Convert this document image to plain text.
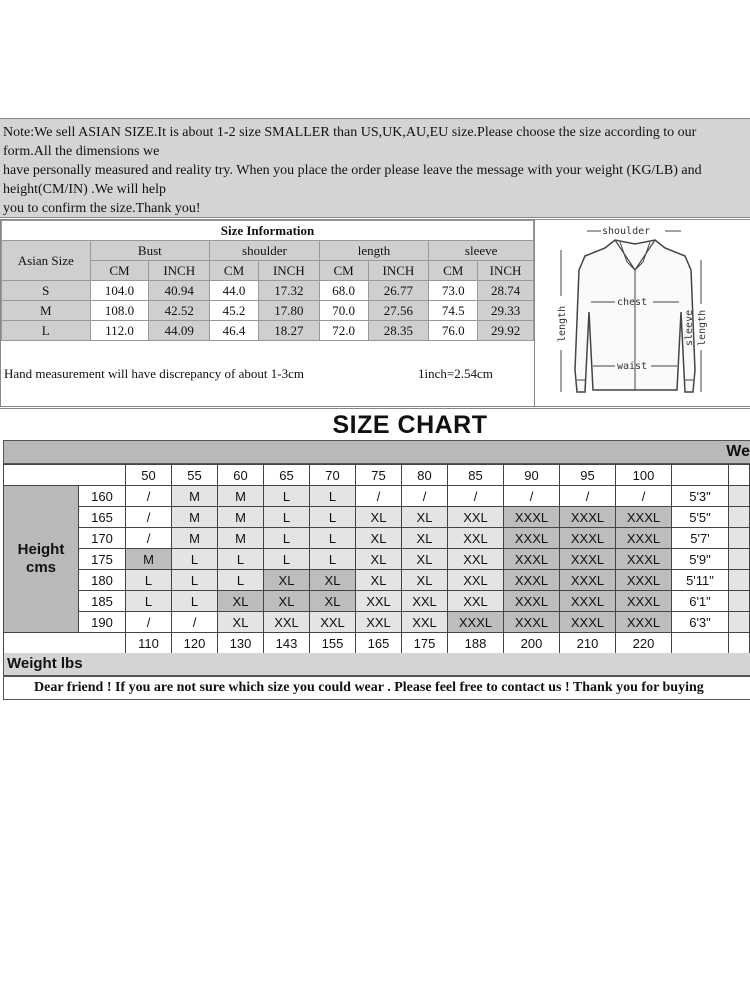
Note:We sell ASIAN SIZE.It is about 1-2 size SMALLER than US,UK,AU,EU size.Please choose the size according to our
form.All the dimensions we
have personally measured and reality try. When you place the order please leave the message with your weight (KG/LB) and
height(CM/IN) .We will help
you to confirm the size.Thank you!
Size Information								
Asian Size	Bust		shoulder		length		sleeve	
	CM	INCH	CM	INCH	CM	INCH	CM	INCH
S	104.0	40.94	44.0	17.32	68.0	26.77	73.0	28.74
M	108.0	42.52	45.2	17.80	70.0	27.56	74.5	29.33
L	112.0	44.09	46.4	18.27	72.0	28.35	76.0	29.92
Hand measurement will have discrepancy of about 1-3cm	1inch=2.54cm
shoulder
chest
waist
length	sleeve length
SIZE CHART
We
		50	55	60	65	70	75	80	85	90	95	100		

Height
cms	160	/	M	M	L	L	/	/	/	/	/	/	5'3"	
	165	/	M	M	L	L	XL	XL	XXL	XXXL	XXXL	XXXL	5'5"	
	170	/	M	M	L	L	XL	XL	XXL	XXXL	XXXL	XXXL	5'7'	
	175	M	L	L	L	L	XL	XL	XXL	XXXL	XXXL	XXXL	5'9"	
	180	L	L	L	XL	XL	XL	XL	XXL	XXXL	XXXL	XXXL	5'11"	
	185	L	L	XL	XL	XL	XXL	XXL	XXL	XXXL	XXXL	XXXL	6'1"	
	190	/	/	XL	XXL	XXL	XXL	XXL	XXXL	XXXL	XXXL	XXXL	6'3"	
		110	120	130	143	155	165	175	188	200	210	220		
Weight lbs
Dear friend ! If you are not sure which size you could wear . Please feel free to contact us ! Thank you for buying
